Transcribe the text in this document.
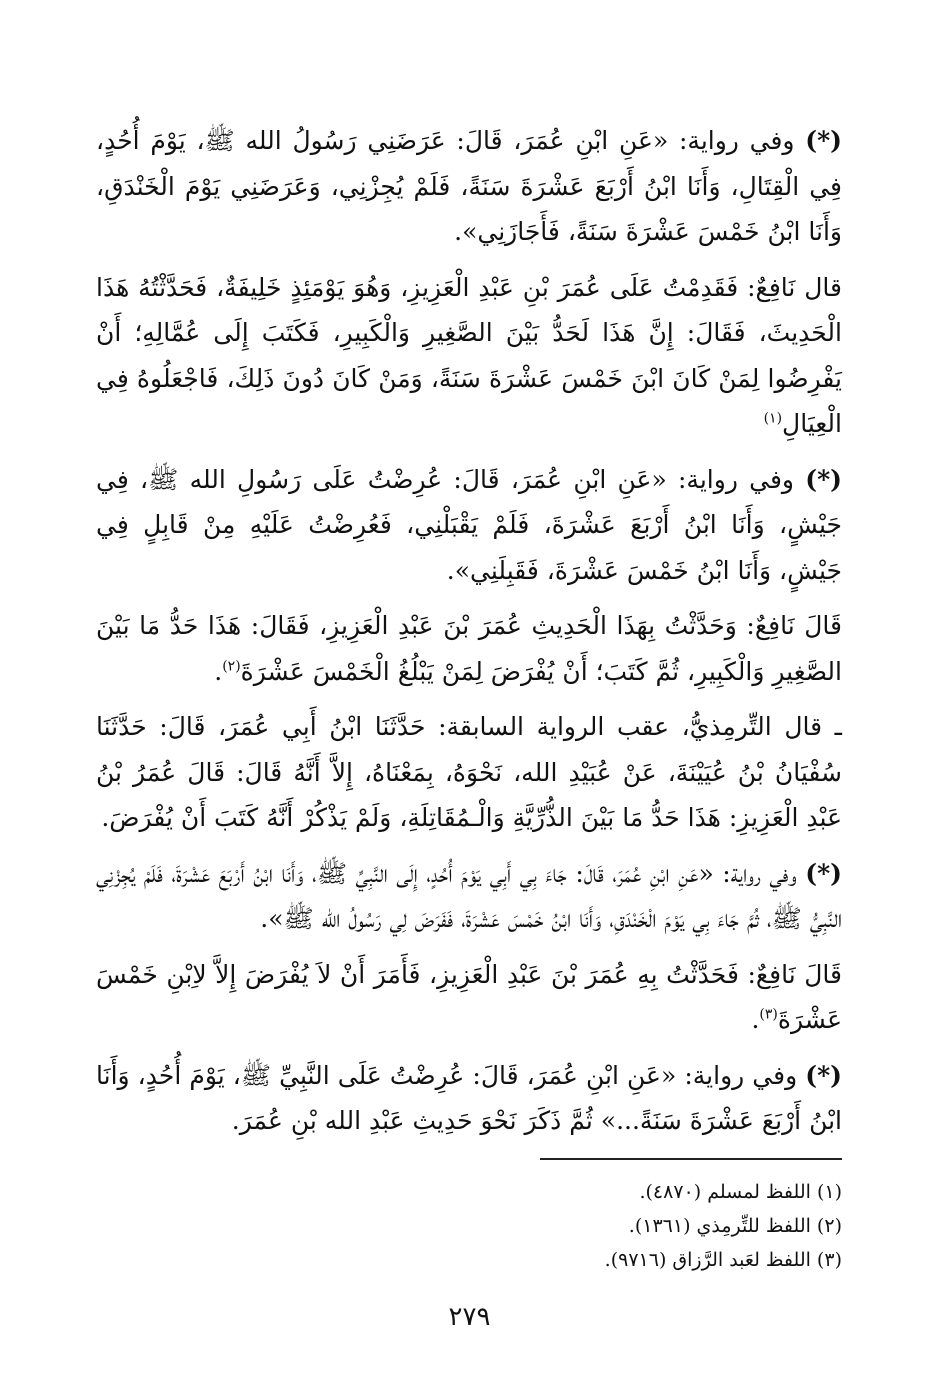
(*) وفي رواية: «عَنِ ابْنِ عُمَرَ، قَالَ: عَرَضَنِي رَسُولُ الله ﷺ، يَوْمَ أُحُدٍ، فِي الْقِتَالِ، وَأَنَا ابْنُ أَرْبَعَ عَشْرَةَ سَنَةً، فَلَمْ يُجِزْنِي، وَعَرَضَنِي يَوْمَ الْخَنْدَقِ، وَأَنَا ابْنُ خَمْسَ عَشْرَةَ سَنَةً، فَأَجَازَنِي».

قال نَافِعٌ: فَقَدِمْتُ عَلَى عُمَرَ بْنِ عَبْدِ الْعَزِيزِ، وَهُوَ يَوْمَئِذٍ خَلِيفَةٌ، فَحَدَّثْتُهُ هَذَا الْحَدِيثَ، فَقَالَ: إِنَّ هَذَا لَحَدُّ بَيْنَ الصَّغِيرِ وَالْكَبِيرِ، فَكَتَبَ إِلَى عُمَّالِهِ؛ أَنْ يَفْرِضُوا لِمَنْ كَانَ ابْنَ خَمْسَ عَشْرَةَ سَنَةً، وَمَنْ كَانَ دُونَ ذَلِكَ، فَاجْعَلُوهُ فِي الْعِيَالِ$^{(١)}$

(*) وفي رواية: «عَنِ ابْنِ عُمَرَ، قَالَ: عُرِضْتُ عَلَى رَسُولِ الله ﷺ، فِي جَيْشٍ، وَأَنَا ابْنُ أَرْبَعَ عَشْرَةَ، فَلَمْ يَقْبَلْنِي، فَعُرِضْتُ عَلَيْهِ مِنْ قَابِلٍ فِي جَيْشٍ، وَأَنَا ابْنُ خَمْسَ عَشْرَةَ، فَقَبِلَنِي».

قَالَ نَافِعٌ: وَحَدَّثْتُ بِهَذَا الْحَدِيثِ عُمَرَ بْنَ عَبْدِ الْعَزِيزِ، فَقَالَ: هَذَا حَدُّ مَا بَيْنَ الصَّغِيرِ وَالْكَبِيرِ، ثُمَّ كَتَبَ؛ أَنْ يُفْرَضَ لِمَنْ يَبْلُغُ الْخَمْسَ عَشْرَةَ$^{(٢)}$.

ـ قال التِّرمِذيُّ، عقب الرواية السابقة: حَدَّثَنَا ابْنُ أَبِي عُمَرَ، قَالَ: حَدَّثَنَا سُفْيَانُ بْنُ عُيَيْنَةَ، عَنْ عُبَيْدِ الله، نَحْوَهُ، بِمَعْنَاهُ، إِلاَّ أَنَّهُ قَالَ: قَالَ عُمَرُ بْنُ عَبْدِ الْعَزِيزِ: هَذَا حَدُّ مَا بَيْنَ الذُّرِّيَّةِ وَالْـمُقَاتِلَةِ، وَلَمْ يَذْكُرْ أَنَّهُ كَتَبَ أَنْ يُفْرَضَ.

(*) وفي رواية: «عَنِ ابْنِ عُمَرَ، قَالَ: جَاءَ بِي أَبِي يَوْمَ أُحُدٍ، إِلَى النَّبِيِّ ﷺ، وَأَنَا ابْنُ أَرْبَعَ عَشْرَةَ، فَلَمْ يُجِزْنِي النَّبِيُّ ﷺ، ثُمَّ جَاءَ بِي يَوْمَ الْخَنْدَقِ، وَأَنَا ابْنُ خَمْسَ عَشْرَةَ، فَفَرَضَ لِي رَسُولُ الله ﷺ».

قَالَ نَافِعٌ: فَحَدَّثْتُ بِهِ عُمَرَ بْنَ عَبْدِ الْعَزِيزِ، فَأَمَرَ أَنْ لاَ يُفْرَضَ إِلاَّ لاِبْنِ خَمْسَ عَشْرَةَ$^{(٣)}$.

(*) وفي رواية: «عَنِ ابْنِ عُمَرَ، قَالَ: عُرِضْتُ عَلَى النَّبِيِّ ﷺ، يَوْمَ أُحُدٍ، وَأَنَا ابْنُ أَرْبَعَ عَشْرَةَ سَنَةً...» ثُمَّ ذَكَرَ نَحْوَ حَدِيثِ عَبْدِ الله بْنِ عُمَرَ.

(١) اللفظ لمسلم (٤٨٧٠).

(٢) اللفظ للتِّرمِذي (١٣٦١).

(٣) اللفظ لعَبد الرَّزاق (٩٧١٦).

٢٧٩
